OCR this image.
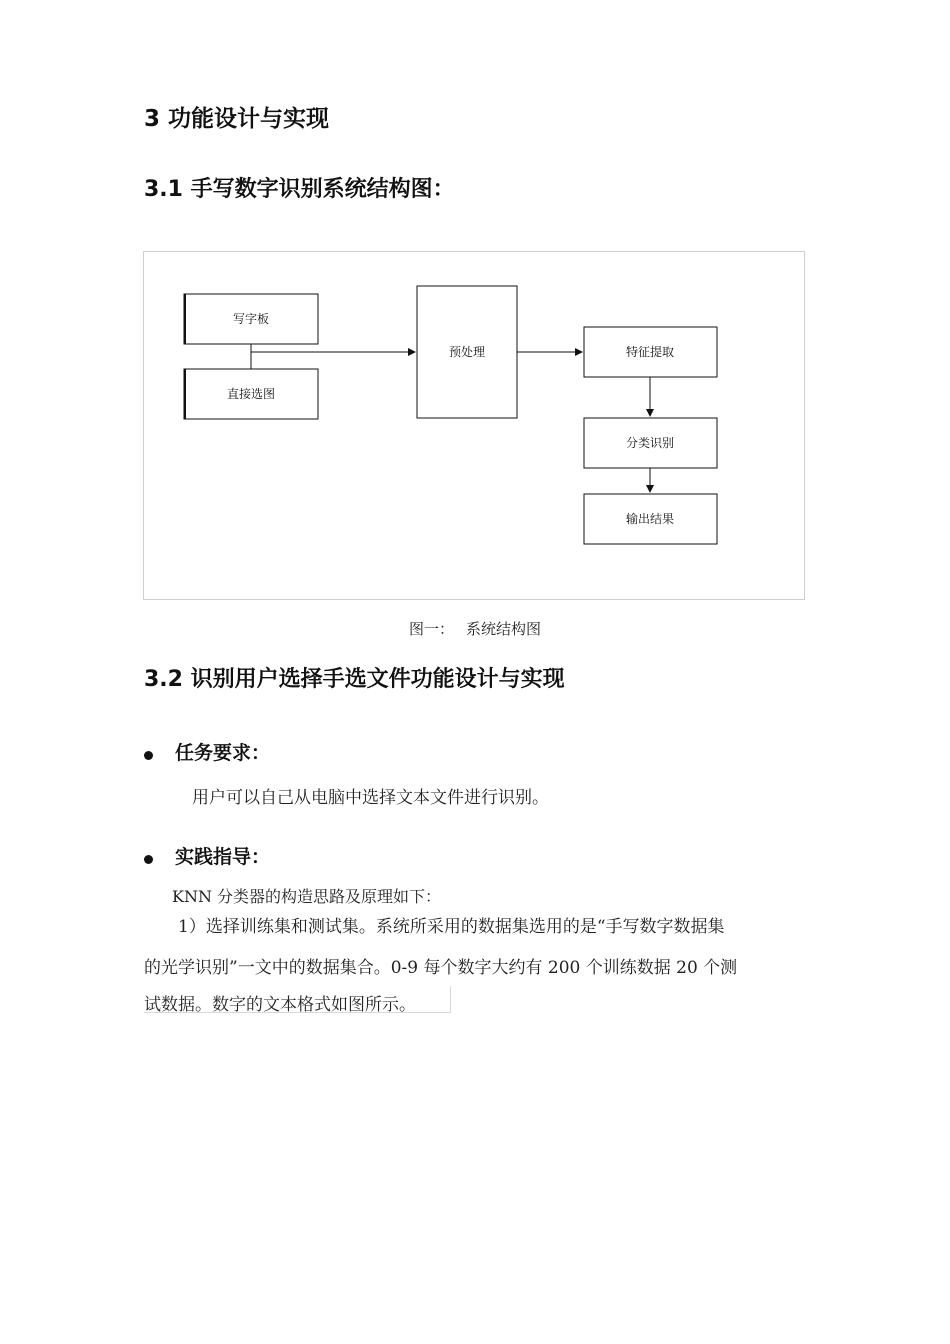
3 功能设计与实现
3.1 手写数字识别系统结构图：
写字板
直接选图
预处理	特征提取
分类识别
输出结果
图一： 系统结构图
3.2 识别用户选择手选文件功能设计与实现
任务要求：
用户可以自己从电脑中选择文本文件进行识别。
实践指导：
KNN 分类器的构造思路及原理如下：
1）选择训练集和测试集。系统所采用的数据集选用的是“手写数字数据集
的光学识别”一文中的数据集合。0-9 每个数字大约有 200 个训练数据 20 个测
试数据。数字的文本格式如图所示。
